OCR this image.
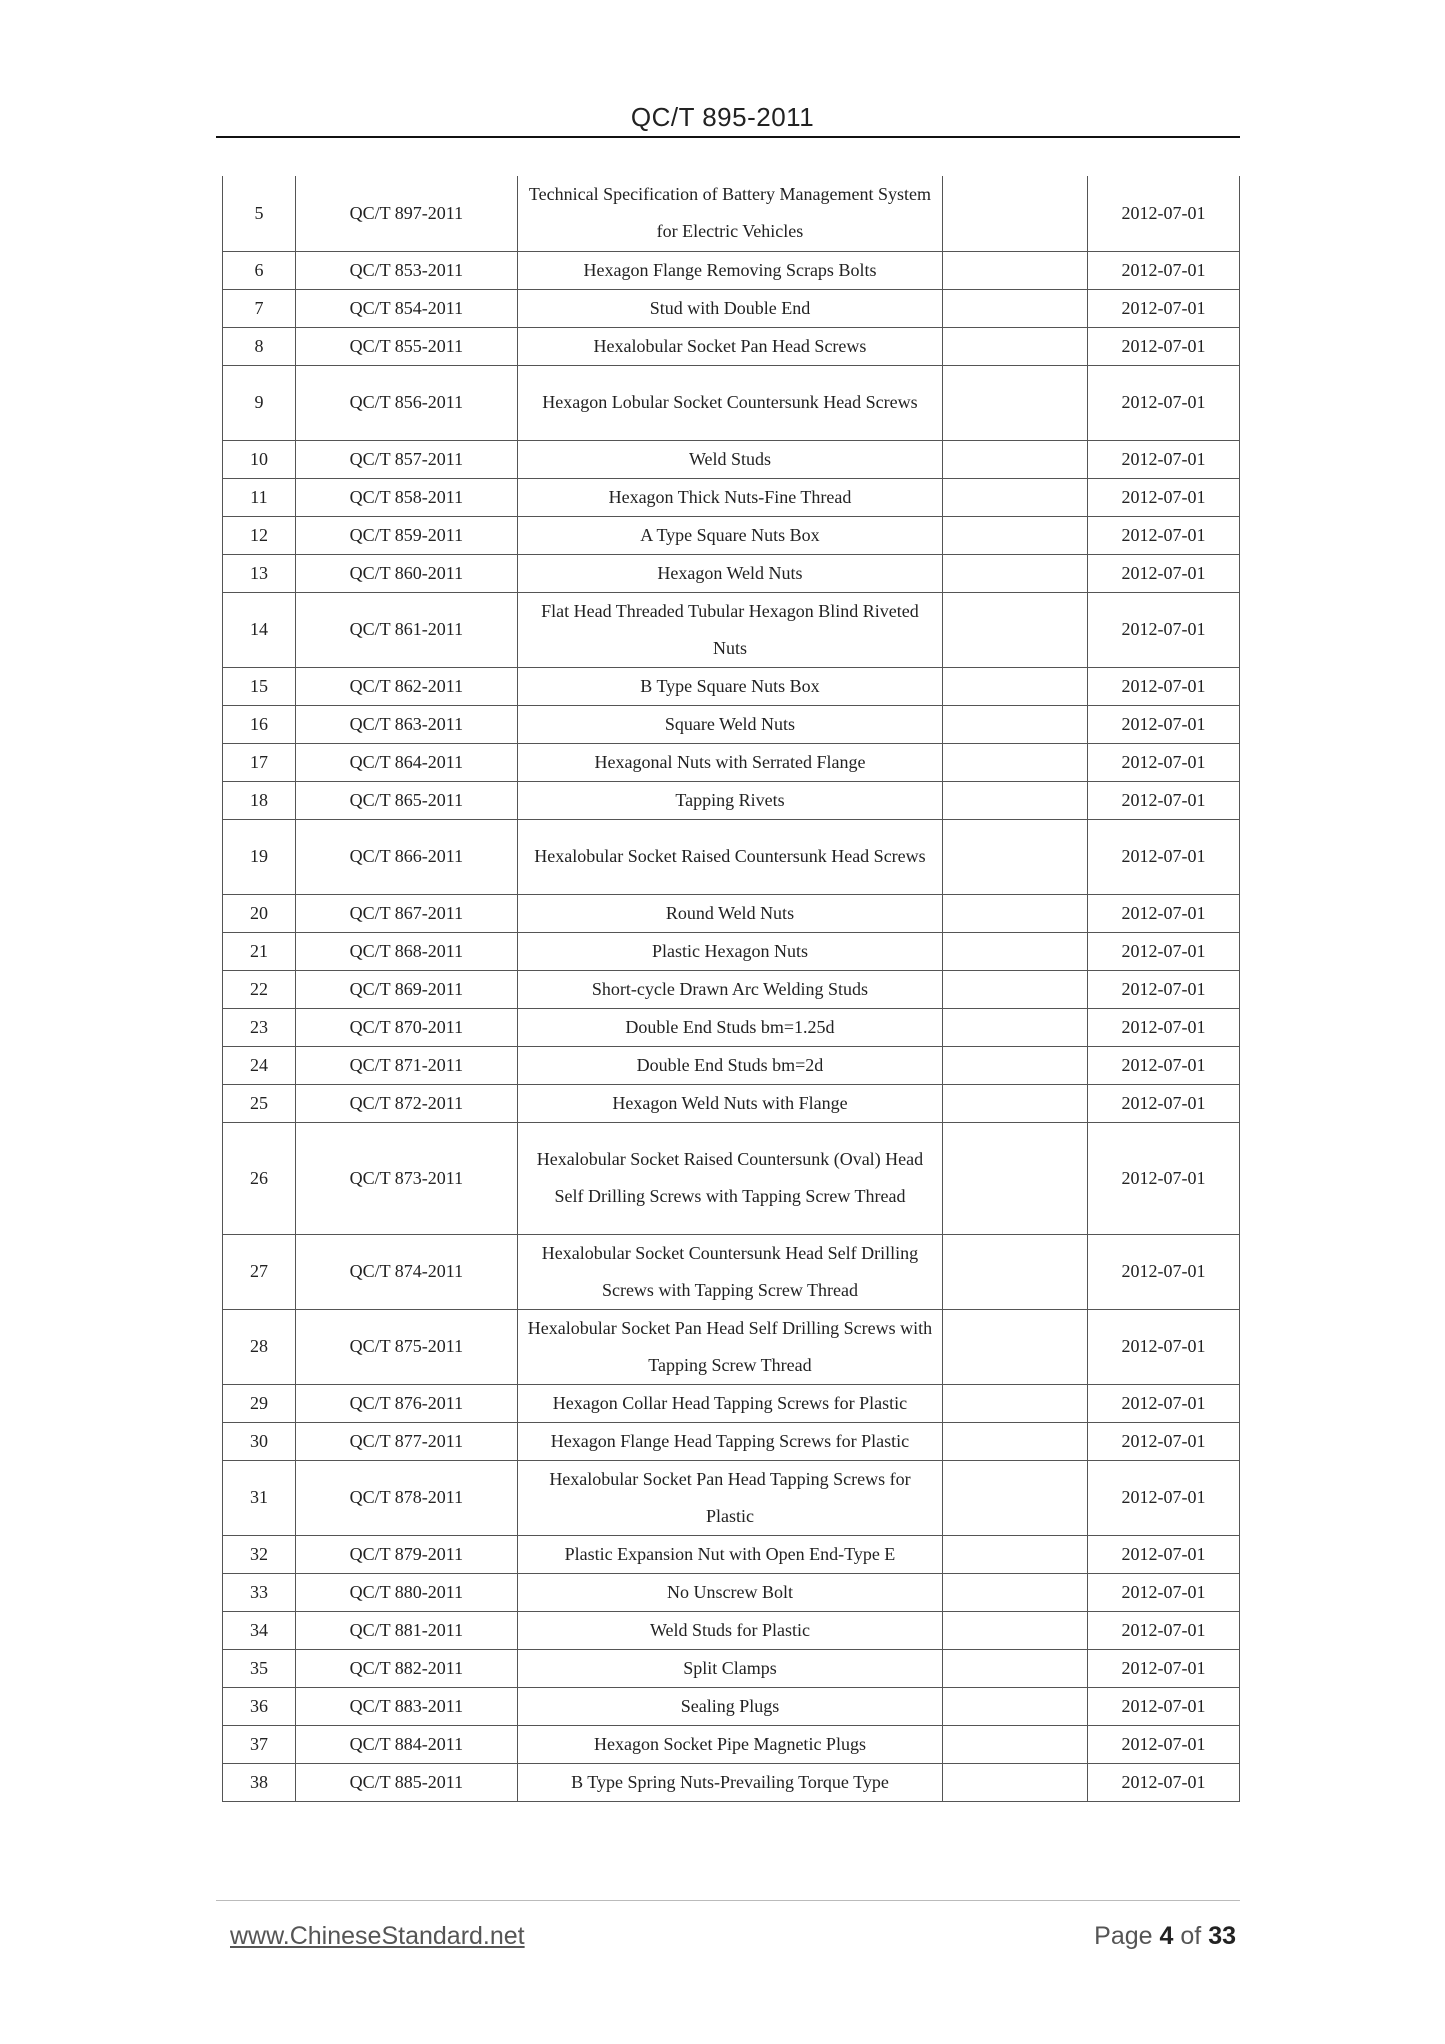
QC/T 895-2011
5	QC/T 897-2011	Technical Specification of Battery Management System for Electric Vehicles		2012-07-01
6	QC/T 853-2011	Hexagon Flange Removing Scraps Bolts		2012-07-01
7	QC/T 854-2011	Stud with Double End		2012-07-01
8	QC/T 855-2011	Hexalobular Socket Pan Head Screws		2012-07-01
9	QC/T 856-2011	Hexagon Lobular Socket Countersunk Head Screws		2012-07-01
10	QC/T 857-2011	Weld Studs		2012-07-01
11	QC/T 858-2011	Hexagon Thick Nuts-Fine Thread		2012-07-01
12	QC/T 859-2011	A Type Square Nuts Box		2012-07-01
13	QC/T 860-2011	Hexagon Weld Nuts		2012-07-01
14	QC/T 861-2011	Flat Head Threaded Tubular Hexagon Blind Riveted Nuts		2012-07-01
15	QC/T 862-2011	B Type Square Nuts Box		2012-07-01
16	QC/T 863-2011	Square Weld Nuts		2012-07-01
17	QC/T 864-2011	Hexagonal Nuts with Serrated Flange		2012-07-01
18	QC/T 865-2011	Tapping Rivets		2012-07-01
19	QC/T 866-2011	Hexalobular Socket Raised Countersunk Head Screws		2012-07-01
20	QC/T 867-2011	Round Weld Nuts		2012-07-01
21	QC/T 868-2011	Plastic Hexagon Nuts		2012-07-01
22	QC/T 869-2011	Short-cycle Drawn Arc Welding Studs		2012-07-01
23	QC/T 870-2011	Double End Studs bm=1.25d		2012-07-01
24	QC/T 871-2011	Double End Studs bm=2d		2012-07-01
25	QC/T 872-2011	Hexagon Weld Nuts with Flange		2012-07-01
26	QC/T 873-2011	Hexalobular Socket Raised Countersunk (Oval) Head Self Drilling Screws with Tapping Screw Thread		2012-07-01
27	QC/T 874-2011	Hexalobular Socket Countersunk Head Self Drilling Screws with Tapping Screw Thread		2012-07-01
28	QC/T 875-2011	Hexalobular Socket Pan Head Self Drilling Screws with Tapping Screw Thread		2012-07-01
29	QC/T 876-2011	Hexagon Collar Head Tapping Screws for Plastic		2012-07-01
30	QC/T 877-2011	Hexagon Flange Head Tapping Screws for Plastic		2012-07-01
31	QC/T 878-2011	Hexalobular Socket Pan Head Tapping Screws for Plastic		2012-07-01
32	QC/T 879-2011	Plastic Expansion Nut with Open End-Type E		2012-07-01
33	QC/T 880-2011	No Unscrew Bolt		2012-07-01
34	QC/T 881-2011	Weld Studs for Plastic		2012-07-01
35	QC/T 882-2011	Split Clamps		2012-07-01
36	QC/T 883-2011	Sealing Plugs		2012-07-01
37	QC/T 884-2011	Hexagon Socket Pipe Magnetic Plugs		2012-07-01
38	QC/T 885-2011	B Type Spring Nuts-Prevailing Torque Type		2012-07-01
www.ChineseStandard.net	Page 4 of 33
